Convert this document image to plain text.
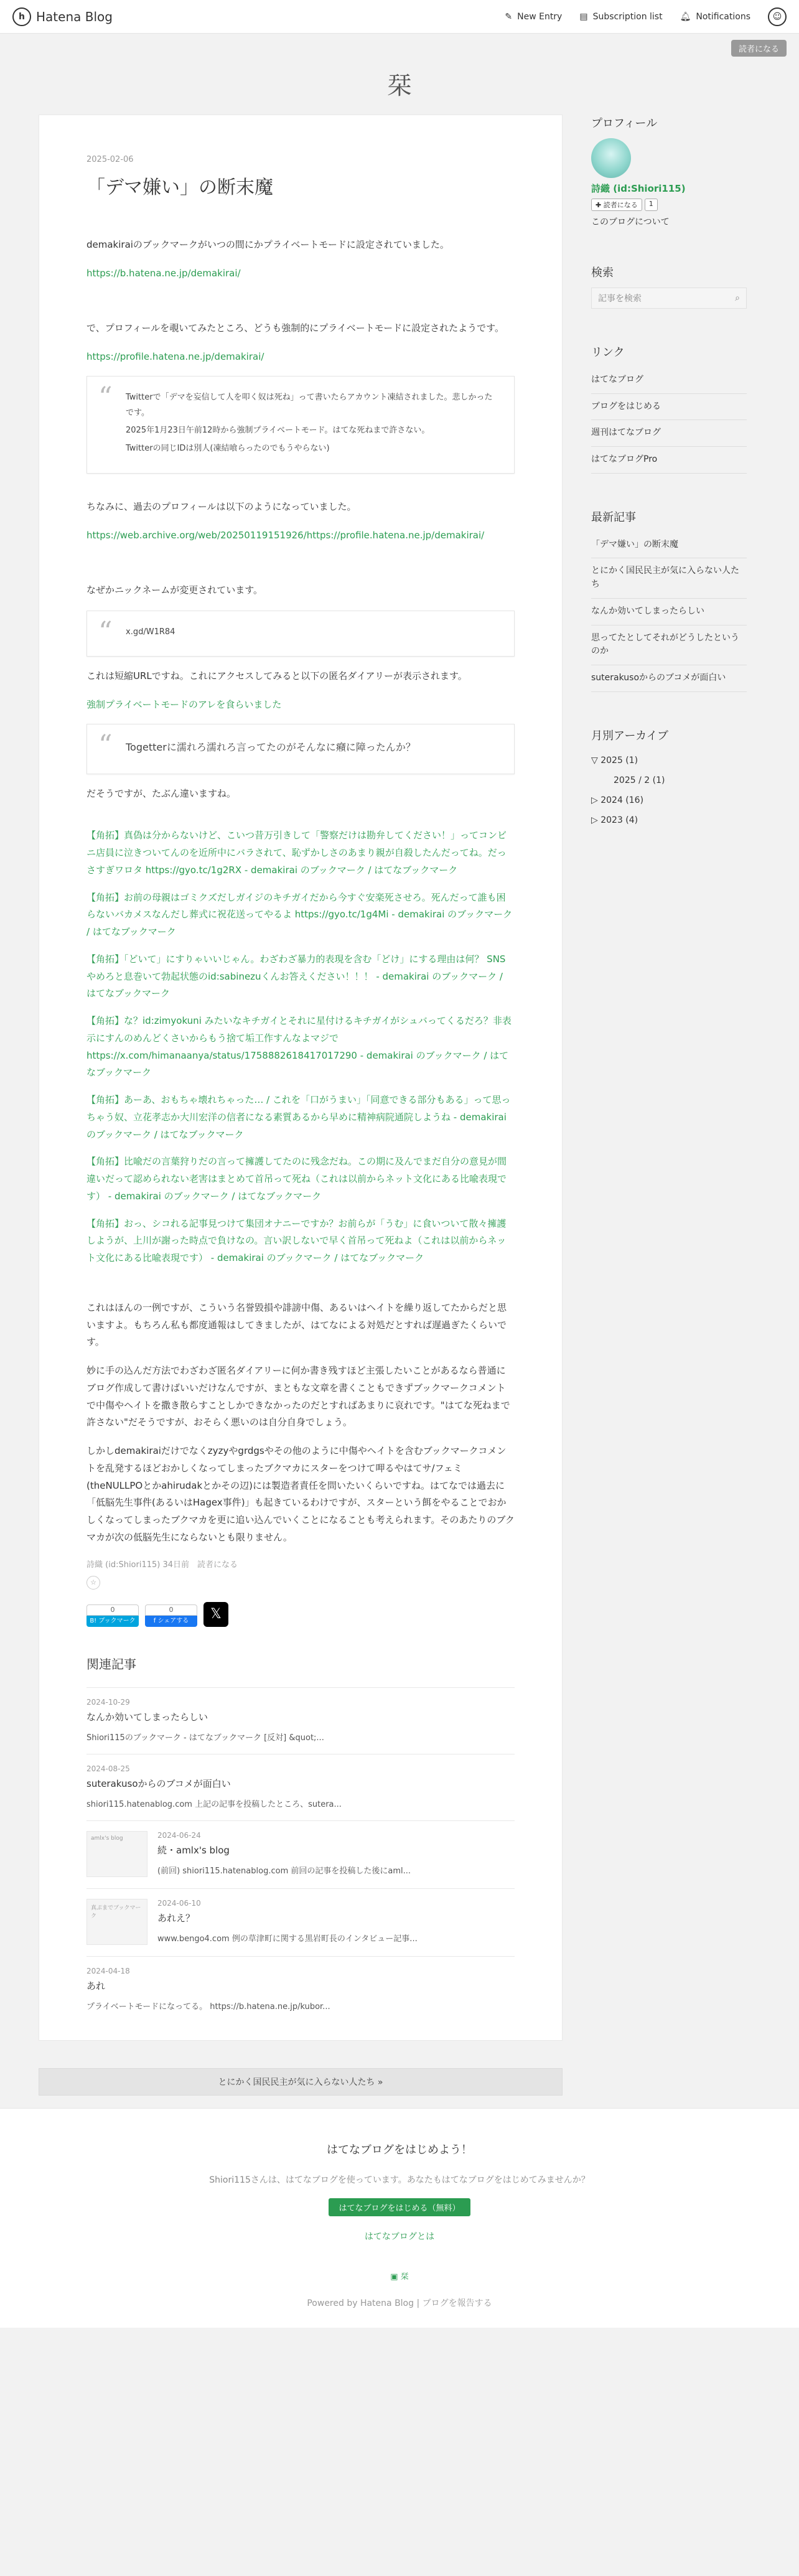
h Hatena Blog	✎ New Entry ▤ Subscription list 🔔︎ Notifications	☺
読者になる
栞
2025-02-06
「デマ嫌い」の断末魔

demakiraiのブックマークがいつの間にかプライベートモードに設定されていました。

https://b.hatena.ne.jp/demakirai/

で、プロフィールを覗いてみたところ、どうも強制的にプライベートモードに設定されたようです。

https://profile.hatena.ne.jp/demakirai/

“ Twitterで「デマを妄信して人を叩く奴は死ね」って書いたらアカウント凍結されました。悲しかったです。
2025年1月23日午前12時から強制プライベートモード。はてな死ねまで許さない。
Twitterの同じIDは別人(凍結喰らったのでもうやらない)

ちなみに、過去のプロフィールは以下のようになっていました。

https://web.archive.org/web/20250119151926/https://profile.hatena.ne.jp/demakirai/

なぜかニックネームが変更されています。

“ x.gd/W1R84

これは短縮URLですね。これにアクセスしてみると以下の匿名ダイアリーが表示されます。

強制プライベートモードのアレを食らいました

“ Togetterに濡れろ濡れろ言ってたのがそんなに癪に障ったんか？

だそうですが、たぶん違いますね。

【角拓】真偽は分からないけど、こいつ昔万引きして「警察だけは勘弁してください！」ってコンビニ店員に泣きついてんのを近所中にバラされて、恥ずかしさのあまり親が自殺したんだってね。だっさすぎワロタ https://gyo.tc/1g2RX - demakirai のブックマーク / はてなブックマーク

【角拓】お前の母親はゴミクズだしガイジのキチガイだから今すぐ安楽死させろ。死んだって誰も困らないバカメスなんだし葬式に祝花送ってやるよ https://gyo.tc/1g4Mi - demakirai のブックマーク / はてなブックマーク

【角拓】「どいて」にすりゃいいじゃん。わざわざ暴力的表現を含む「どけ」にする理由は何？ SNSやめろと息巻いて勃起状態のid:sabinezuくんお答えください！！！ - demakirai のブックマーク / はてなブックマーク

【角拓】な？id:zimyokuni みたいなキチガイとそれに星付けるキチガイがシュバってくるだろ？非表示にすんのめんどくさいからもう捨て垢工作すんなよマジで https://x.com/himanaanya/status/1758882618417017290 - demakirai のブックマーク / はてなブックマーク

【角拓】あーあ、おもちゃ壊れちゃった… / これを「口がうまい」「同意できる部分もある」って思っちゃう奴、立花孝志か大川宏洋の信者になる素質あるから早めに精神病院通院しようね - demakirai のブックマーク / はてなブックマーク

【角拓】比喩だの言葉狩りだの言って擁護してたのに残念だね。この期に及んでまだ自分の意見が間違いだって認められない老害はまとめて首吊って死ね（これは以前からネット文化にある比喩表現です） - demakirai のブックマーク / はてなブックマーク

【角拓】おっ、シコれる記事見つけて集団オナニーですか？お前らが「うむ」に食いついて散々擁護しようが、上川が謝った時点で負けなの。言い訳しないで早く首吊って死ねよ（これは以前からネット文化にある比喩表現です） - demakirai のブックマーク / はてなブックマーク

これはほんの一例ですが、こういう名誉毀損や誹謗中傷、あるいはヘイトを繰り返してたからだと思いますよ。もちろん私も都度通報はしてきましたが、はてなによる対処だとすれば遅過ぎたくらいです。

妙に手の込んだ方法でわざわざ匿名ダイアリーに何か書き残すほど主張したいことがあるなら普通にブログ作成して書けばいいだけなんですが、まともな文章を書くこともできずブックマークコメントで中傷やヘイトを撒き散らすことしかできなかったのだとすればあまりに哀れです。"はてな死ねまで許さない"だそうですが、おそらく悪いのは自分自身でしょう。

しかしdemakiraiだけでなくzyzyやgrdgsやその他のように中傷やヘイトを含むブックマークコメントを乱発するほどおかしくなってしまったブクマカにスターをつけて呷るやはてサ/フェミ(theNULLPOとかahirudakとかその辺)には製造者責任を問いたいくらいですね。はてなでは過去に「低脳先生事件(あるいはHagex事件)」も起きているわけですが、スターという餌をやることでおかしくなってしまったブクマカを更に追い込んでいくことになることも考えられます。そのあたりのブクマカが次の低脳先生にならないとも限りません。

詩織 (id:Shiori115) 34日前　読者になる
☆
0
B! ブックマーク
0
f シェアする	𝕏
関連記事
2024-10-29
なんか効いてしまったらしい
Shiori115のブックマーク - はてなブックマーク [反対] &quot;...
2024-08-25
suterakusoからのブコメが面白い
shiori115.hatenablog.com 上記の記事を投稿したところ、sutera...
amlx's blog	2024-06-24
続・amlx's blog
(前回) shiori115.hatenablog.com 前回の記事を投稿した後にaml...
真ぷまでブックマーク
2024-06-10
あれえ？
www.bengo4.com 例の草津町に関する黒岩町長のインタビュー記事...
2024-04-18
あれ
プライベートモードになってる。 https://b.hatena.ne.jp/kubor...
とにかく国民民主が気に入らない人たち »
プロフィール
詩織 (id:Shiori115)
✚ 読者になる	1
このブログについて
検索
記事を検索	⌕
リンク
はてなブログ
ブログをはじめる
週刊はてなブログ
はてなブログPro
最新記事
「デマ嫌い」の断末魔
とにかく国民民主が気に入らない人たち
なんか効いてしまったらしい
思ってたとしてそれがどうしたというのか
suterakusoからのブコメが面白い
月別アーカイブ
▽ 2025 (1)
2025 / 2 (1)
▷ 2024 (16)
▷ 2023 (4)
はてなブログをはじめよう！
Shiori115さんは、はてなブログを使っています。あなたもはてなブログをはじめてみませんか？
はてなブログをはじめる（無料）
はてなブログとは
▣ 栞
Powered by Hatena Blog | ブログを報告する
